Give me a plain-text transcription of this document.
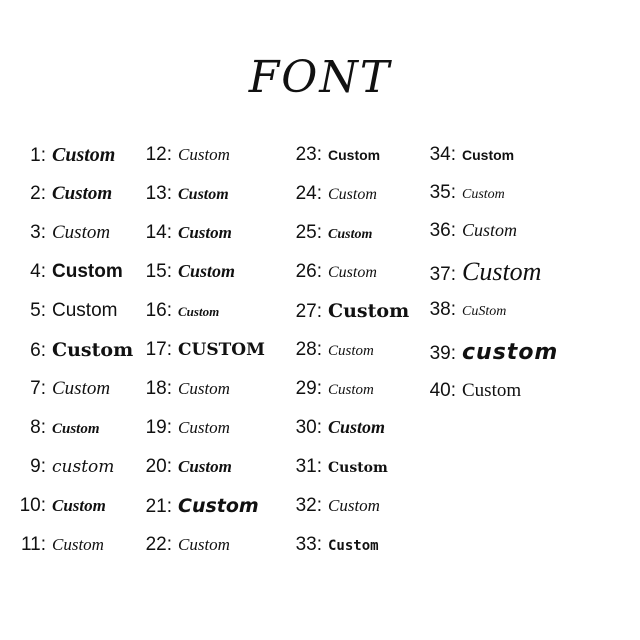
FONT
1: Custom
2: Custom
3: Custom
4: Custom
5: Custom
6: Custom
7: Custom
8: Custom
9: custom
10: Custom
11: Custom
12: Custom
13: Custom
14: Custom
15: Custom
16: Custom
17: CUSTOM
18: Custom
19: Custom
20: Custom
21: Custom
22: Custom
23: Custom
24: Custom
25: Custom
26: Custom
27: Custom
28: Custom
29: Custom
30: Custom
31: Custom
32: Custom
33: Custom
34: Custom
35: Custom
36: Custom
37: Custom
38: CuStom
39: custom
40: Custom
